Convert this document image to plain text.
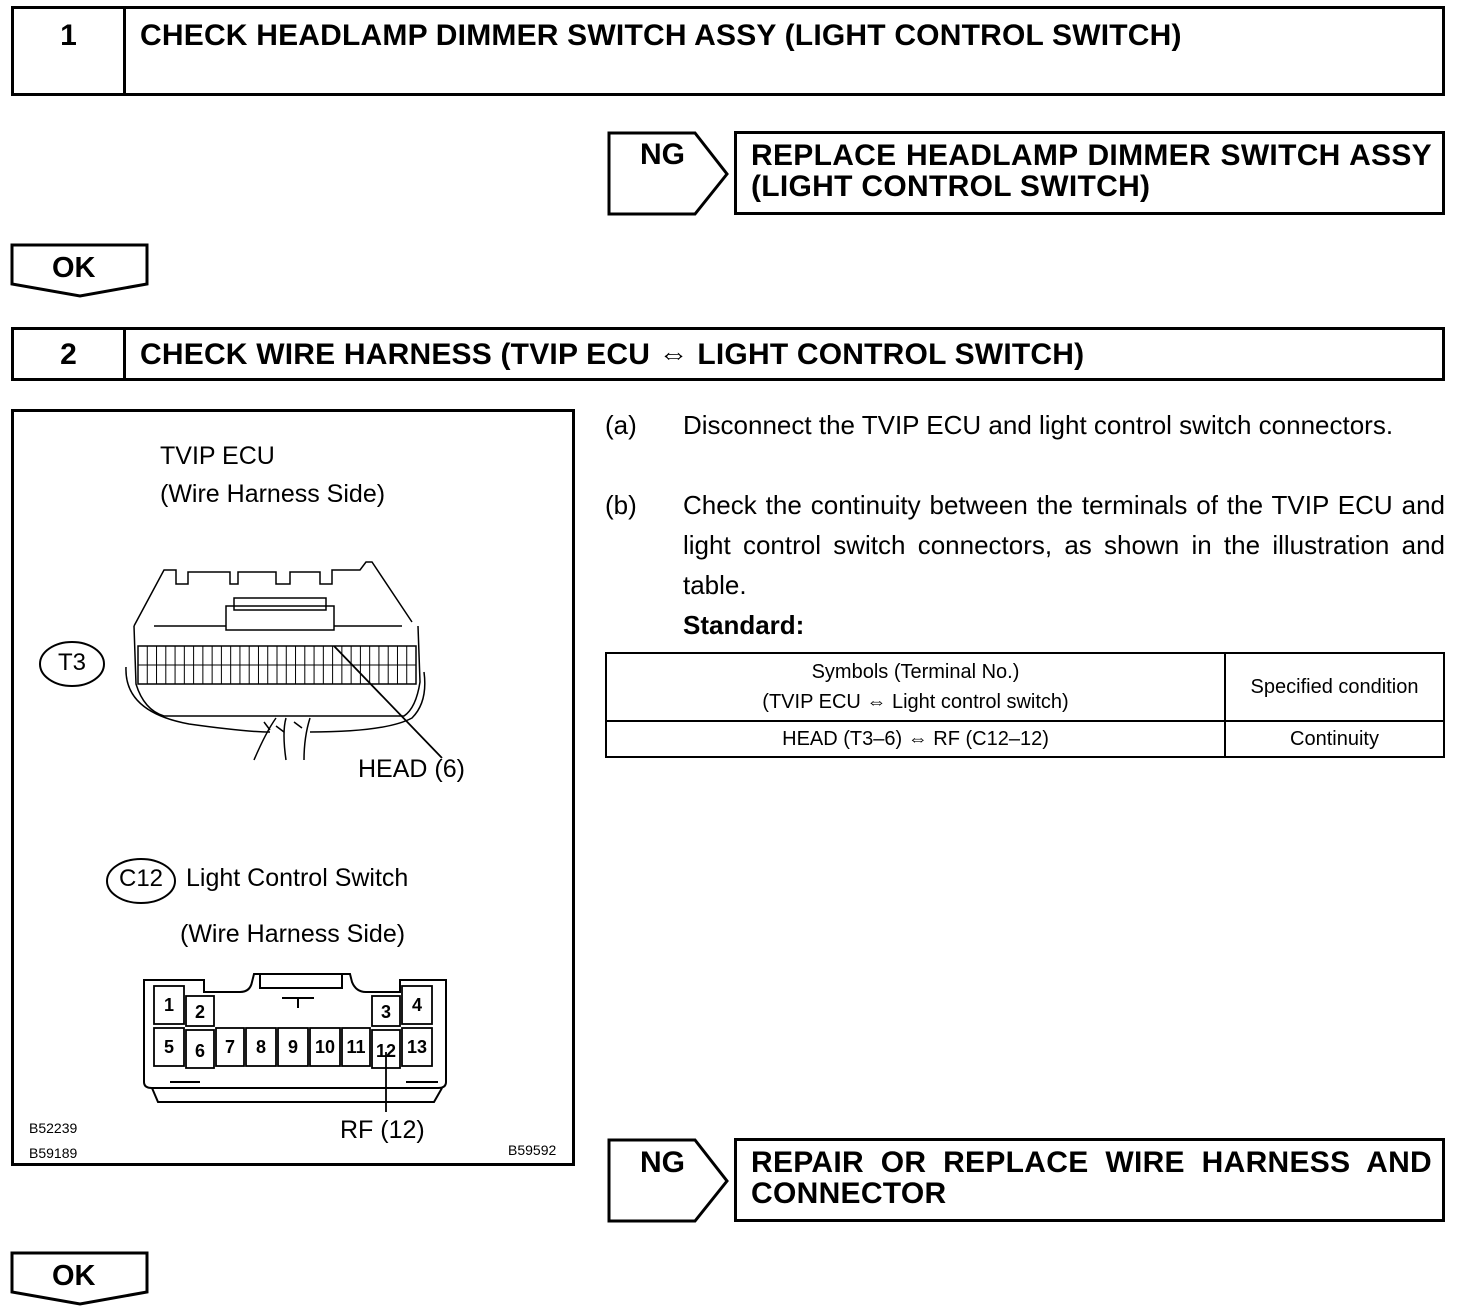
1	CHECK HEADLAMP DIMMER SWITCH ASSY (LIGHT CONTROL SWITCH)
NG REPLACE HEADLAMP DIMMER SWITCH ASSY
(LIGHT CONTROL SWITCH)
OK
2	CHECK WIRE HARNESS (TVIP ECU ⇔ LIGHT CONTROL SWITCH)
1 2	3 4
5 6 7 8 9 10 11 12 13
TVIP ECU
(Wire Harness Side)
T3
HEAD (6)
C12 Light Control Switch
(Wire Harness Side)
RF (12)
B52239
B59189	B59592
(a) Disconnect the TVIP ECU and light control switch connectors.
(b) Check the continuity between the terminals of the TVIP ECU and light control switch connectors, as shown in the illustration and table.
Standard:
Symbols (Terminal No.)
(TVIP ECU ⇔ Light control switch)	Specified condition
HEAD (T3–6) ⇔ RF (C12–12)	Continuity
NG REPAIR OR REPLACE WIRE HARNESS AND
CONNECTOR
OK
